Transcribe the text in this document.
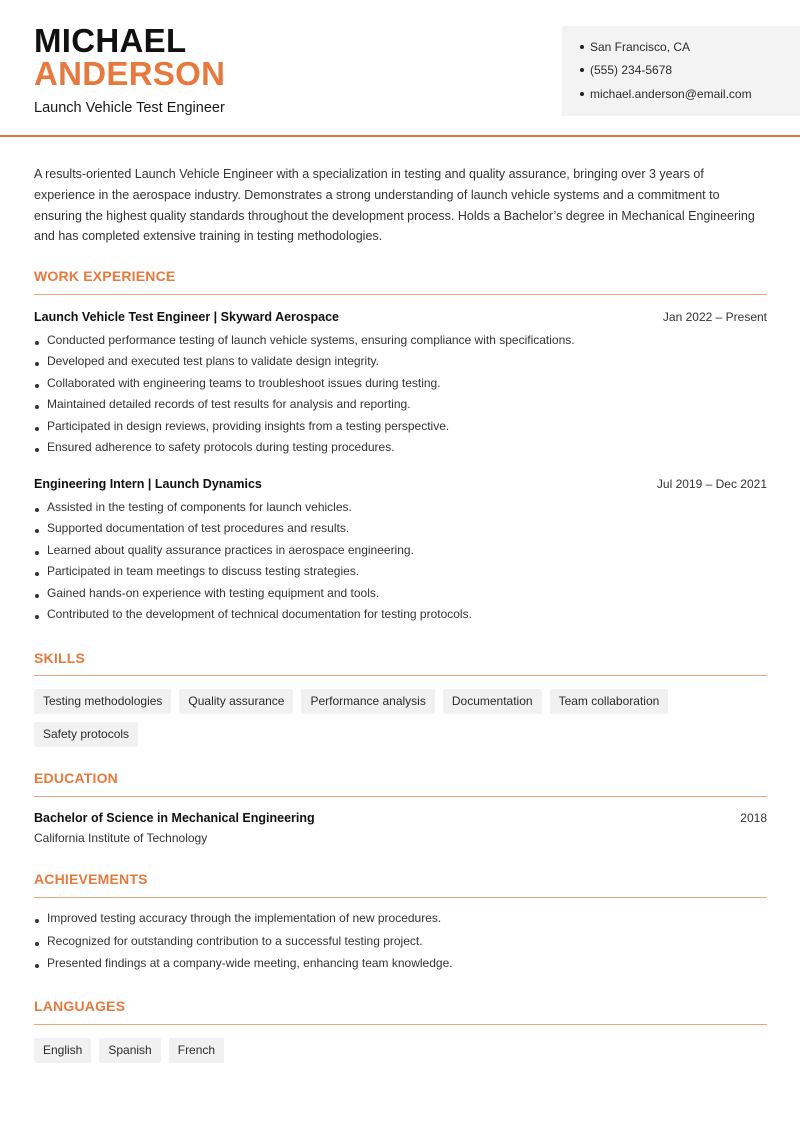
MICHAEL
ANDERSON
Launch Vehicle Test Engineer
San Francisco, CA
(555) 234-5678
michael.anderson@email.com

A results-oriented Launch Vehicle Engineer with a specialization in testing and quality assurance, bringing over 3 years of experience in the aerospace industry. Demonstrates a strong understanding of launch vehicle systems and a commitment to ensuring the highest quality standards throughout the development process. Holds a Bachelor’s degree in Mechanical Engineering and has completed extensive training in testing methodologies.

WORK EXPERIENCE
Launch Vehicle Test Engineer | Skyward Aerospace	Jan 2022 – Present
Conducted performance testing of launch vehicle systems, ensuring compliance with specifications.
Developed and executed test plans to validate design integrity.
Collaborated with engineering teams to troubleshoot issues during testing.
Maintained detailed records of test results for analysis and reporting.
Participated in design reviews, providing insights from a testing perspective.
Ensured adherence to safety protocols during testing procedures.
Engineering Intern | Launch Dynamics	Jul 2019 – Dec 2021
Assisted in the testing of components for launch vehicles.
Supported documentation of test procedures and results.
Learned about quality assurance practices in aerospace engineering.
Participated in team meetings to discuss testing strategies.
Gained hands-on experience with testing equipment and tools.
Contributed to the development of technical documentation for testing protocols.
SKILLS
Testing methodologies	Quality assurance	Performance analysis	Documentation	Team collaboration
Safety protocols
EDUCATION
Bachelor of Science in Mechanical Engineering	2018
California Institute of Technology
ACHIEVEMENTS
Improved testing accuracy through the implementation of new procedures.
Recognized for outstanding contribution to a successful testing project.
Presented findings at a company-wide meeting, enhancing team knowledge.
LANGUAGES
English	Spanish	French
